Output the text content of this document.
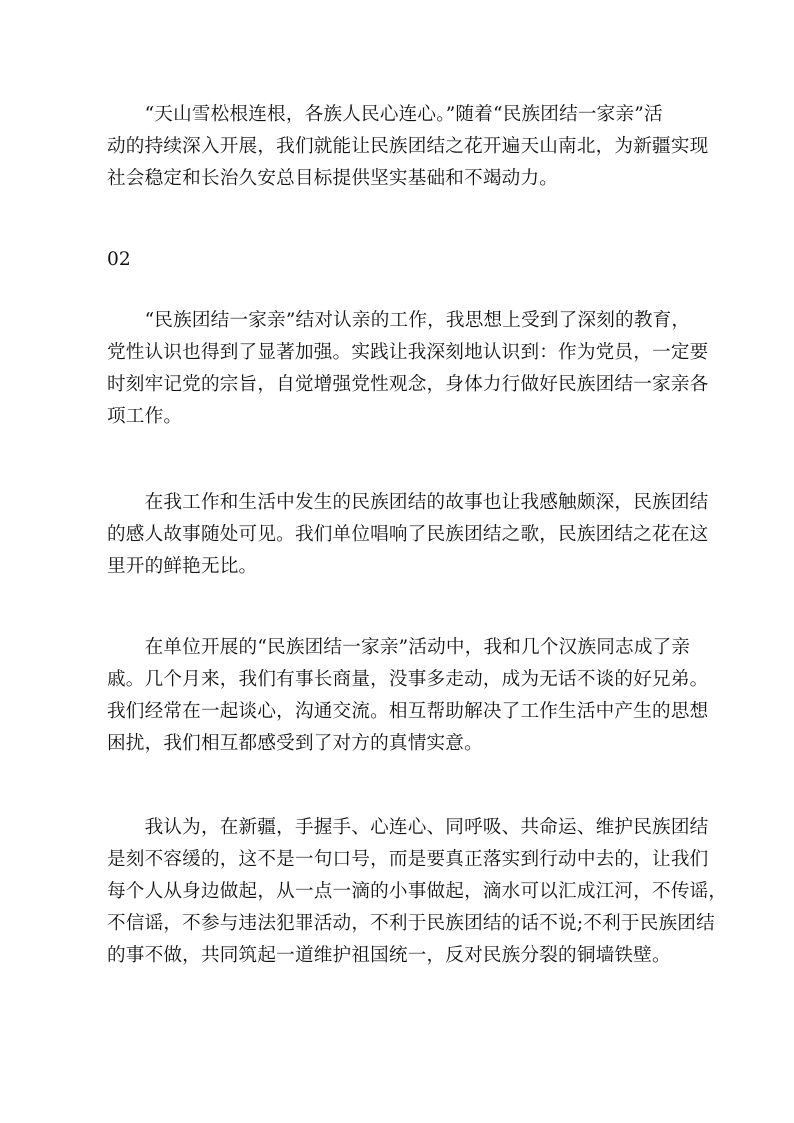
　　“天山雪松根连根，各族人民心连心。”随着“民族团结一家亲”活
动的持续深入开展，我们就能让民族团结之花开遍天山南北，为新疆实现
社会稳定和长治久安总目标提供坚实基础和不竭动力。

02

　　“民族团结一家亲”结对认亲的工作，我思想上受到了深刻的教育，
党性认识也得到了显著加强。实践让我深刻地认识到：作为党员，一定要
时刻牢记党的宗旨，自觉增强党性观念，身体力行做好民族团结一家亲各
项工作。

　　在我工作和生活中发生的民族团结的故事也让我感触颇深，民族团结
的感人故事随处可见。我们单位唱响了民族团结之歌，民族团结之花在这
里开的鲜艳无比。

　　在单位开展的“民族团结一家亲”活动中，我和几个汉族同志成了亲
戚。几个月来，我们有事长商量，没事多走动，成为无话不谈的好兄弟。
我们经常在一起谈心，沟通交流。相互帮助解决了工作生活中产生的思想
困扰，我们相互都感受到了对方的真情实意。

　　我认为，在新疆，手握手、心连心、同呼吸、共命运、维护民族团结
是刻不容缓的，这不是一句口号，而是要真正落实到行动中去的，让我们
每个人从身边做起，从一点一滴的小事做起，滴水可以汇成江河，不传谣，
不信谣，不参与违法犯罪活动，不利于民族团结的话不说;不利于民族团结
的事不做，共同筑起一道维护祖国统一，反对民族分裂的铜墙铁壁。
